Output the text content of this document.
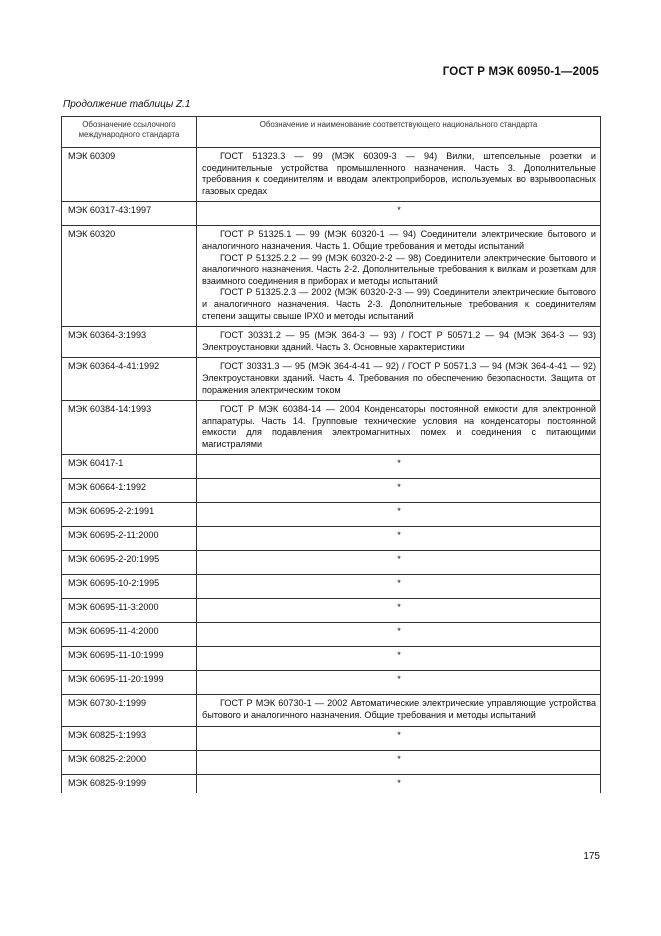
ГОСТ Р МЭК 60950-1—2005
Продолжение таблицы Z.1
Обозначение ссылочного международного стандарта	Обозначение и наименование соответствующего национального стандарта
МЭК 60309	ГОСТ 51323.3 — 99 (МЭК 60309-3 — 94) Вилки, штепсельные розетки и соединительные устройства промышленного назначения. Часть 3. Дополнительные требования к соединителям и вводам электроприборов, используемых во взрывоопасных газовых средах

МЭК 60317-43:1997	*
МЭК 60320	ГОСТ Р 51325.1 — 99 (МЭК 60320-1 — 94) Соединители электрические бытового и аналогичного назначения. Часть 1. Общие требования и методы испытаний

ГОСТ Р 51325.2.2 — 99 (МЭК 60320-2-2 — 98) Соединители электрические бытового и аналогичного назначения. Часть 2-2. Дополнительные требования к вилкам и розеткам для взаимного соединения в приборах и методы испытаний

ГОСТ Р 51325.2.3 — 2002 (МЭК 60320-2-3 — 99) Соединители электрические бытового и аналогичного назначения. Часть 2-3. Дополнительные требования к соединителям степени защиты свыше IPX0 и методы испытаний

МЭК 60364-3:1993	ГОСТ 30331.2 — 95 (МЭК 364-3 — 93) / ГОСТ Р 50571.2 — 94 (МЭК 364-3 — 93) Электроустановки зданий. Часть 3. Основные характеристики

МЭК 60364-4-41:1992	ГОСТ 30331.3 — 95 (МЭК 364-4-41 — 92) / ГОСТ Р 50571.3 — 94 (МЭК 364-4-41 — 92) Электроустановки зданий. Часть 4. Требования по обеспечению безопасности. Защита от поражения электрическим током

МЭК 60384-14:1993	ГОСТ Р МЭК 60384-14 — 2004 Конденсаторы постоянной емкости для электронной аппаратуры. Часть 14. Групповые технические условия на конденсаторы постоянной емкости для подавления электромагнитных помех и соединения с питающими магистралями

МЭК 60417-1	*
МЭК 60664-1:1992	*
МЭК 60695-2-2:1991	*
МЭК 60695-2-11:2000	*
МЭК 60695-2-20:1995	*
МЭК 60695-10-2:1995	*
МЭК 60695-11-3:2000	*
МЭК 60695-11-4:2000	*
МЭК 60695-11-10:1999	*
МЭК 60695-11-20:1999	*
МЭК 60730-1:1999	ГОСТ Р МЭК 60730-1 — 2002 Автоматические электрические управляющие устройства бытового и аналогичного назначения. Общие требования и методы испытаний

МЭК 60825-1:1993	*
МЭК 60825-2:2000	*
МЭК 60825-9:1999	*
175
